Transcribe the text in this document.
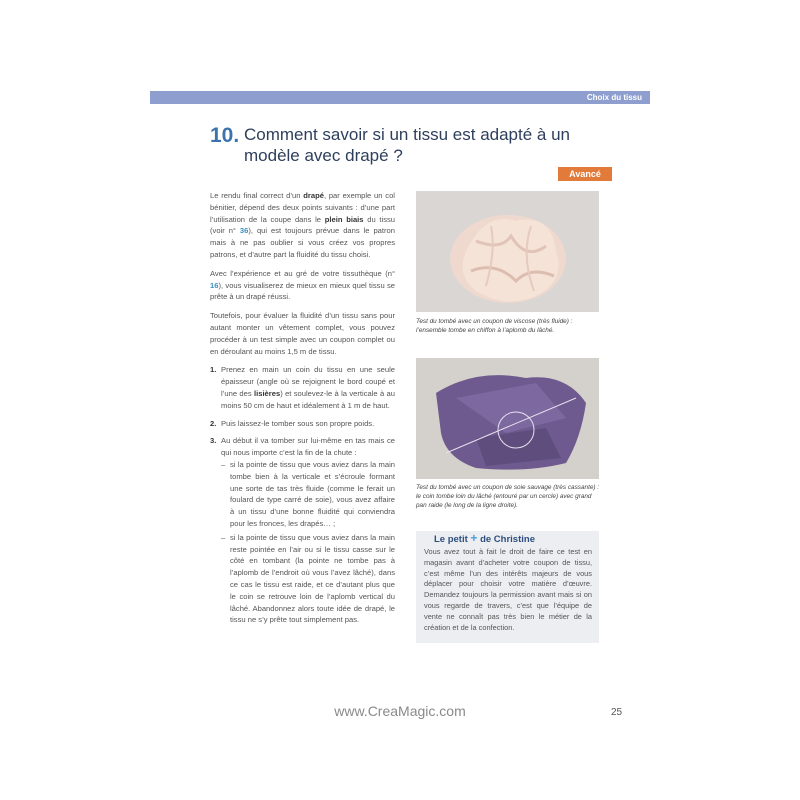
Choix du tissu
10. Comment savoir si un tissu est adapté à un modèle avec drapé ?
Avancé

Le rendu final correct d’un drapé, par exemple un col bénitier, dépend des deux points suivants : d’une part l’utilisation de la coupe dans le plein biais du tissu (voir n° 36), qui est toujours prévue dans le patron mais à ne pas oublier si vous créez vos propres patrons, et d’autre part la fluidité du tissu choisi.

Avec l’expérience et au gré de votre tissuthèque (n° 16), vous visualiserez de mieux en mieux quel tissu se prête à un drapé réussi.

Toutefois, pour évaluer la fluidité d’un tissu sans pour autant monter un vêtement complet, vous pouvez procéder à un test simple avec un coupon complet ou en déroulant au moins 1,5 m de tissu.

1. Prenez en main un coin du tissu en une seule épaisseur (angle où se rejoignent le bord coupé et l’une des lisières) et soulevez-le à la verticale à au moins 50 cm de haut et idéalement à 1 m de haut.
2. Puis laissez-le tomber sous son propre poids.
3. Au début il va tomber sur lui-même en tas mais ce qui nous importe c’est la fin de la chute :
– si la pointe de tissu que vous aviez dans la main tombe bien à la verticale et s’écroule formant une sorte de tas très fluide (comme le ferait un foulard de type carré de soie), vous avez affaire à un tissu d’une bonne fluidité qui conviendra pour les fronces, les drapés… ;
– si la pointe de tissu que vous aviez dans la main reste pointée en l’air ou si le tissu casse sur le côté en tombant (la pointe ne tombe pas à l’aplomb de l’endroit où vous l’avez lâché), dans ce cas le tissu est raide, et ce d’autant plus que le coin se retrouve loin de l’aplomb vertical du lâché. Abandonnez alors toute idée de drapé, le tissu ne s’y prête tout simplement pas.
Test du tombé avec un coupon de viscose (très fluide) : l’ensemble tombe en chiffon à l’aplomb du lâché.
Test du tombé avec un coupon de soie sauvage (très cassante) : le coin tombe loin du lâché (entouré par un cercle) avec grand pan raide (le long de la ligne droite).
Le petit + de Christine
Vous avez tout à fait le droit de faire ce test en magasin avant d’acheter votre coupon de tissu, c’est même l’un des intérêts majeurs de vous déplacer pour choisir votre matière d’œuvre. Demandez toujours la permission avant mais si on vous regarde de travers, c’est que l’équipe de vente ne connaît pas très bien le métier de la création et de la confection.
www.CreaMagic.com	25
